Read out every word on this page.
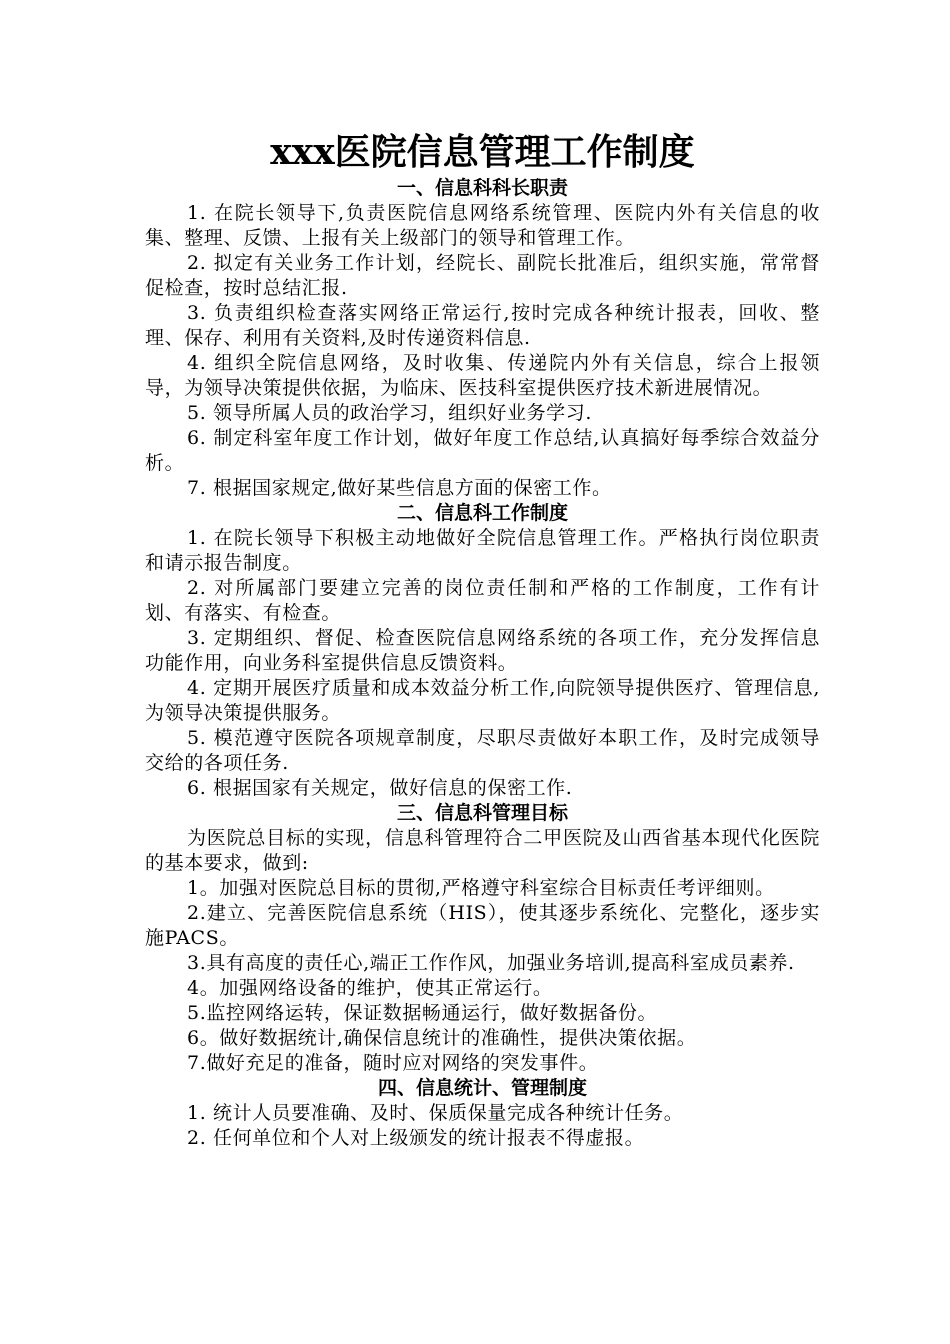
xxx医院信息管理工作制度
一、信息科科长职责

1. 在院长领导下,负责医院信息网络系统管理、医院内外有关信息的收集、整理、反馈、上报有关上级部门的领导和管理工作。

2. 拟定有关业务工作计划，经院长、副院长批准后，组织实施，常常督促检查，按时总结汇报.

3. 负责组织检查落实网络正常运行,按时完成各种统计报表，回收、整理、保存、利用有关资料,及时传递资料信息.

4. 组织全院信息网络，及时收集、传递院内外有关信息，综合上报领导，为领导决策提供依据，为临床、医技科室提供医疗技术新进展情况。

5. 领导所属人员的政治学习，组织好业务学习.

6. 制定科室年度工作计划，做好年度工作总结,认真搞好每季综合效益分析。

7. 根据国家规定,做好某些信息方面的保密工作。

二、信息科工作制度

1. 在院长领导下积极主动地做好全院信息管理工作。严格执行岗位职责和请示报告制度。

2. 对所属部门要建立完善的岗位责任制和严格的工作制度，工作有计划、有落实、有检查。

3. 定期组织、督促、检查医院信息网络系统的各项工作，充分发挥信息功能作用，向业务科室提供信息反馈资料。

4. 定期开展医疗质量和成本效益分析工作,向院领导提供医疗、管理信息,为领导决策提供服务。

5. 模范遵守医院各项规章制度，尽职尽责做好本职工作，及时完成领导交给的各项任务.

6. 根据国家有关规定，做好信息的保密工作.

三、信息科管理目标

为医院总目标的实现，信息科管理符合二甲医院及山西省基本现代化医院的基本要求，做到:

1。加强对医院总目标的贯彻,严格遵守科室综合目标责任考评细则。

2.建立、完善医院信息系统（HIS），使其逐步系统化、完整化，逐步实施PACS。

3.具有高度的责任心,端正工作作风，加强业务培训,提高科室成员素养.

4。加强网络设备的维护，使其正常运行。

5.监控网络运转，保证数据畅通运行，做好数据备份。

6。做好数据统计,确保信息统计的准确性，提供决策依据。

7.做好充足的准备，随时应对网络的突发事件。

四、信息统计、管理制度

1. 统计人员要准确、及时、保质保量完成各种统计任务。

2. 任何单位和个人对上级颁发的统计报表不得虚报。
